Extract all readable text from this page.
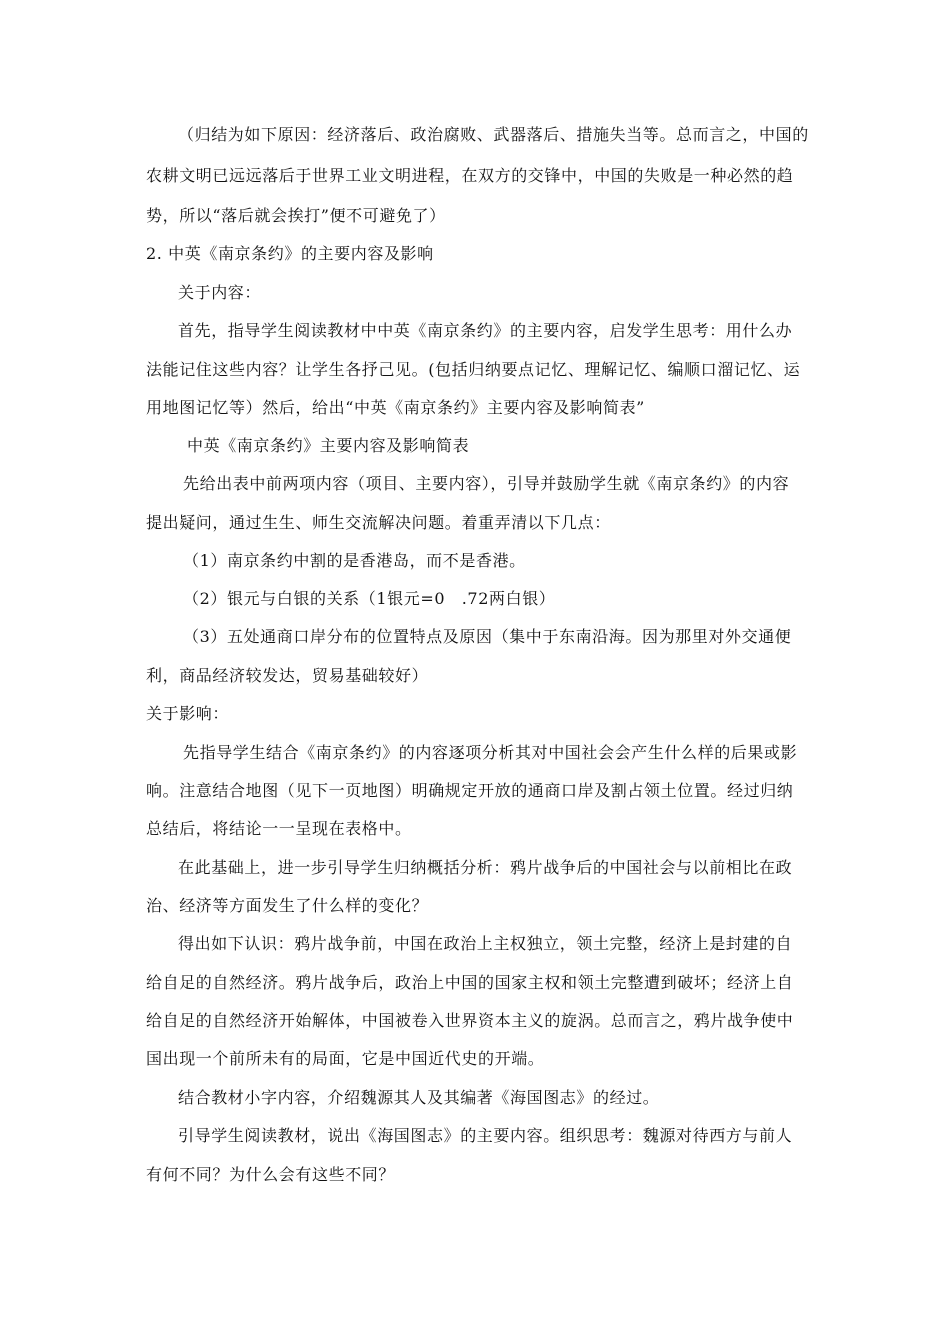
（归结为如下原因：经济落后、政治腐败、武器落后、措施失当等。总而言之，中国的
农耕文明已远远落后于世界工业文明进程，在双方的交锋中，中国的失败是一种必然的趋
势，所以“落后就会挨打”便不可避免了）
2. 中英《南京条约》的主要内容及影响
关于内容：
首先，指导学生阅读教材中中英《南京条约》的主要内容，启发学生思考：用什么办
法能记住这些内容？让学生各抒己见。(包括归纳要点记忆、理解记忆、编顺口溜记忆、运
用地图记忆等）然后，给出“中英《南京条约》主要内容及影响简表”
中英《南京条约》主要内容及影响简表
先给出表中前两项内容（项目、主要内容），引导并鼓励学生就《南京条约》的内容
提出疑问，通过生生、师生交流解决问题。着重弄清以下几点：
（1）南京条约中割的是香港岛，而不是香港。
（2）银元与白银的关系（1银元=0　.72两白银）
（3）五处通商口岸分布的位置特点及原因（集中于东南沿海。因为那里对外交通便
利，商品经济较发达，贸易基础较好）
关于影响：
先指导学生结合《南京条约》的内容逐项分析其对中国社会会产生什么样的后果或影
响。注意结合地图（见下一页地图）明确规定开放的通商口岸及割占领土位置。经过归纳
总结后，将结论一一呈现在表格中。
在此基础上，进一步引导学生归纳概括分析：鸦片战争后的中国社会与以前相比在政
治、经济等方面发生了什么样的变化？
得出如下认识：鸦片战争前，中国在政治上主权独立，领土完整，经济上是封建的自
给自足的自然经济。鸦片战争后，政治上中国的国家主权和领土完整遭到破坏；经济上自
给自足的自然经济开始解体，中国被卷入世界资本主义的旋涡。总而言之，鸦片战争使中
国出现一个前所未有的局面，它是中国近代史的开端。
结合教材小字内容，介绍魏源其人及其编著《海国图志》的经过。
引导学生阅读教材，说出《海国图志》的主要内容。组织思考：魏源对待西方与前人
有何不同？为什么会有这些不同？
